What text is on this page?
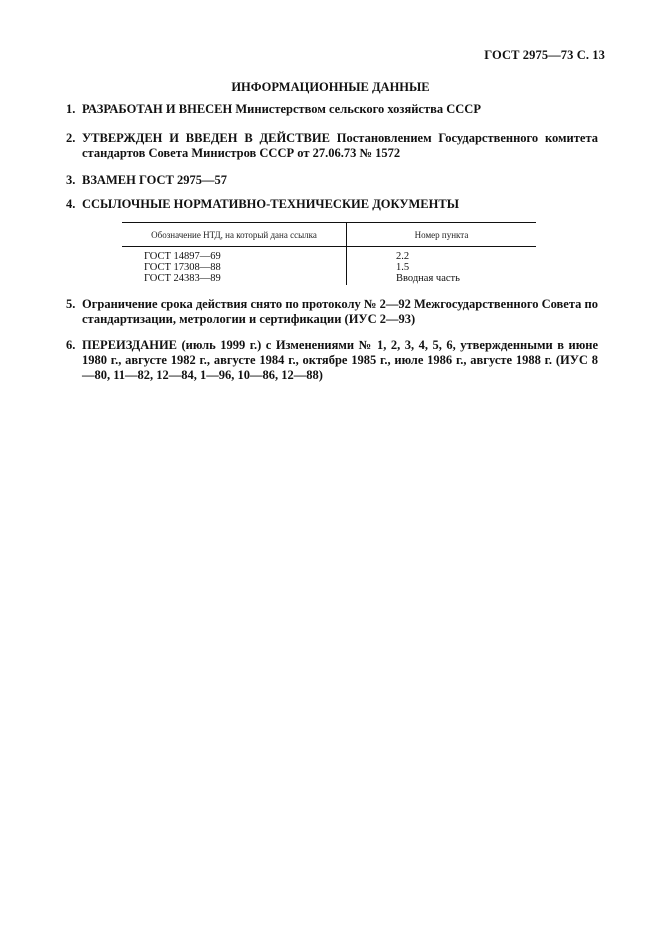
ГОСТ 2975—73 С. 13
ИНФОРМАЦИОННЫЕ ДАННЫЕ
1. РАЗРАБОТАН И ВНЕСЕН Министерством сельского хозяйства СССР
2. УТВЕРЖДЕН И ВВЕДЕН В ДЕЙСТВИЕ Постановлением Государственного комитета стандартов Совета Министров СССР от 27.06.73 № 1572
3. ВЗАМЕН ГОСТ 2975—57
4. ССЫЛОЧНЫЕ НОРМАТИВНО-ТЕХНИЧЕСКИЕ ДОКУМЕНТЫ
Обозначение НТД, на который дана ссылка	Номер пункта
ГОСТ 14897—69	2.2
ГОСТ 17308—88	1.5
ГОСТ 24383—89	Вводная часть
5. Ограничение срока действия снято по протоколу № 2—92 Межгосударственного Совета по стандартизации, метрологии и сертификации (ИУС 2—93)
6. ПЕРЕИЗДАНИЕ (июль 1999 г.) с Изменениями № 1, 2, 3, 4, 5, 6, утвержденными в июне 1980 г., августе 1982 г., августе 1984 г., октябре 1985 г., июле 1986 г., августе 1988 г. (ИУС 8—80, 11—82, 12—84, 1—96, 10—86, 12—88)
